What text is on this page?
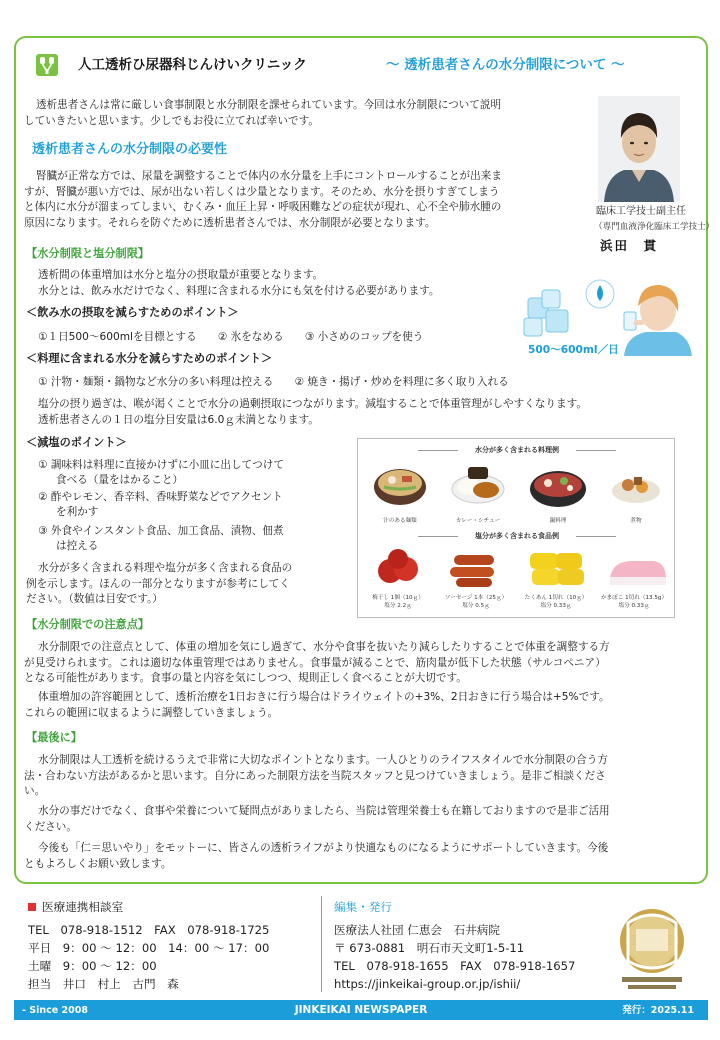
人工透析ひ尿器科じんけいクリニック	～ 透析患者さんの水分制限について ～
透析患者さんは常に厳しい食事制限と水分制限を課せられています。今回は水分制限について説明
していきたいと思います。少しでもお役に立てれば幸いです。
臨床工学技士副主任
（専門血液浄化臨床工学技士）
浜田　貫
透析患者さんの水分制限の必要性
腎臓が正常な方では、尿量を調整することで体内の水分量を上手にコントロールすることが出来ま
すが、腎臓が悪い方では、尿が出ない若しくは少量となります。そのため、水分を摂りすぎてしまう
と体内に水分が溜まってしまい、むくみ・血圧上昇・呼吸困難などの症状が現れ、心不全や肺水腫の
原因になります。それらを防ぐために透析患者さんでは、水分制限が必要となります。
【水分制限と塩分制限】
透析間の体重増加は水分と塩分の摂取量が重要となります。
水分とは、飲み水だけでなく、料理に含まれる水分にも気を付ける必要があります。
500～600ml／日
＜飲み水の摂取を減らすためのポイント＞
①１日500～600mlを目標とする　　② 氷をなめる　　③ 小さめのコップを使う
＜料理に含まれる水分を減らすためのポイント＞
① 汁物・麺類・鍋物など水分の多い料理は控える　　② 焼き・揚げ・炒めを料理に多く取り入れる
塩分の摂り過ぎは、喉が渇くことで水分の過剰摂取につながります。減塩することで体重管理がしやすくなります。
透析患者さんの１日の塩分目安量は6.0ｇ未満となります。
＜減塩のポイント＞
① 調味料は料理に直接かけずに小皿に出してつけて
食べる（量をはかること）
② 酢やレモン、香辛料、香味野菜などでアクセント
を利かす
③ 外食やインスタント食品、加工食品、漬物、佃煮
は控える
水分が多く含まれる料理や塩分が多く含まれる食品の
例を示します。ほんの一部分となりますが参考にしてく
ださい。（数値は目安です。）
水分が多く含まれる料理例
汁のある麺類	カレー・シチュー	鍋料理	煮物
塩分が多く含まれる食品例
梅干し 1個（10ｇ）
塩分 2.2ｇ
ソーセージ 1本（25ｇ）
塩分 0.5ｇ
たくあん 1切れ（10ｇ）
塩分 0.33ｇ
かまぼこ 1切れ（13.5g）
塩分 0.33ｇ
【水分制限での注意点】
水分制限での注意点として、体重の増加を気にし過ぎて、水分や食事を抜いたり減らしたりすることで体重を調整する方
が見受けられます。これは適切な体重管理ではありません。食事量が減ることで、筋肉量が低下した状態（サルコペニア）
となる可能性があります。食事の量と内容を気にしつつ、規則正しく食べることが大切です。
体重増加の許容範囲として、透析治療を1日おきに行う場合はドライウェイトの+3%、2日おきに行う場合は+5%です。
これらの範囲に収まるように調整していきましょう。
【最後に】
水分制限は人工透析を続けるうえで非常に大切なポイントとなります。一人ひとりのライフスタイルで水分制限の合う方
法・合わない方法があるかと思います。自分にあった制限方法を当院スタッフと見つけていきましょう。是非ご相談くださ
い。
水分の事だけでなく、食事や栄養について疑問点がありましたら、当院は管理栄養士も在籍しておりますので是非ご活用
ください。
今後も「仁＝思いやり」をモットーに、皆さんの透析ライフがより快適なものになるようにサポートしていきます。今後
ともよろしくお願い致します。
医療連携相談室
TEL　078-918-1512　FAX　078-918-1725
平日　9：00 ～ 12：00　14：00 ～ 17：00
土曜　9：00 ～ 12：00
担当　井口　村上　古門　森
編集・発行
医療法人社団 仁恵会　石井病院
〒 673-0881　明石市天文町1-5-11
TEL　078-918-1655　FAX　078-918-1657
https://jinkeikai-group.or.jp/ishii/
- Since 2008	JINKEIKAI NEWSPAPER	発行：2025.11
